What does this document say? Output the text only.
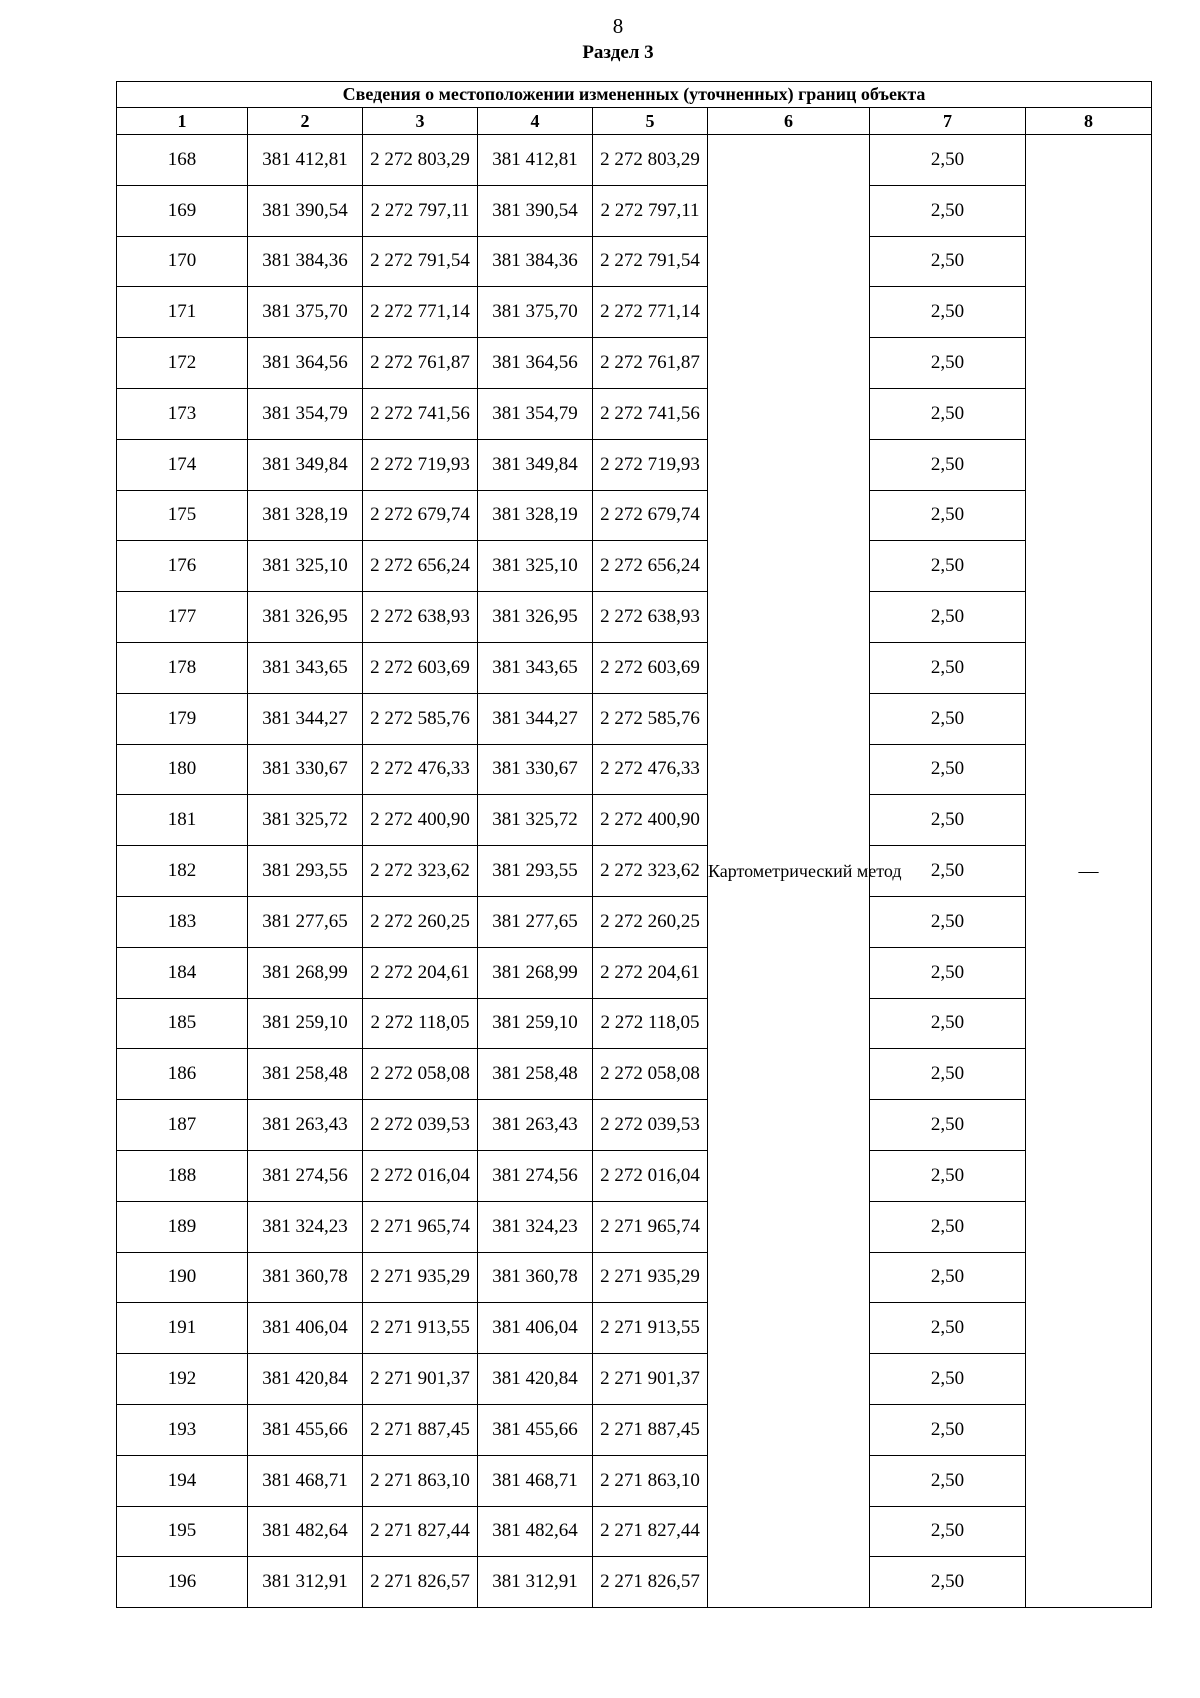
8
Раздел 3
Сведения о местоположении измененных (уточненных) границ объекта							
1	2	3	4	5	6	7	8
168	381 412,81	2 272 803,29	381 412,81	2 272 803,29	Картометрический метод	2,50	—
169	381 390,54	2 272 797,11	381 390,54	2 272 797,11		2,50	
170	381 384,36	2 272 791,54	381 384,36	2 272 791,54		2,50	
171	381 375,70	2 272 771,14	381 375,70	2 272 771,14		2,50	
172	381 364,56	2 272 761,87	381 364,56	2 272 761,87		2,50	
173	381 354,79	2 272 741,56	381 354,79	2 272 741,56		2,50	
174	381 349,84	2 272 719,93	381 349,84	2 272 719,93		2,50	
175	381 328,19	2 272 679,74	381 328,19	2 272 679,74		2,50	
176	381 325,10	2 272 656,24	381 325,10	2 272 656,24		2,50	
177	381 326,95	2 272 638,93	381 326,95	2 272 638,93		2,50	
178	381 343,65	2 272 603,69	381 343,65	2 272 603,69		2,50	
179	381 344,27	2 272 585,76	381 344,27	2 272 585,76		2,50	
180	381 330,67	2 272 476,33	381 330,67	2 272 476,33		2,50	
181	381 325,72	2 272 400,90	381 325,72	2 272 400,90		2,50	
182	381 293,55	2 272 323,62	381 293,55	2 272 323,62		2,50	
183	381 277,65	2 272 260,25	381 277,65	2 272 260,25		2,50	
184	381 268,99	2 272 204,61	381 268,99	2 272 204,61		2,50	
185	381 259,10	2 272 118,05	381 259,10	2 272 118,05		2,50	
186	381 258,48	2 272 058,08	381 258,48	2 272 058,08		2,50	
187	381 263,43	2 272 039,53	381 263,43	2 272 039,53		2,50	
188	381 274,56	2 272 016,04	381 274,56	2 272 016,04		2,50	
189	381 324,23	2 271 965,74	381 324,23	2 271 965,74		2,50	
190	381 360,78	2 271 935,29	381 360,78	2 271 935,29		2,50	
191	381 406,04	2 271 913,55	381 406,04	2 271 913,55		2,50	
192	381 420,84	2 271 901,37	381 420,84	2 271 901,37		2,50	
193	381 455,66	2 271 887,45	381 455,66	2 271 887,45		2,50	
194	381 468,71	2 271 863,10	381 468,71	2 271 863,10		2,50	
195	381 482,64	2 271 827,44	381 482,64	2 271 827,44		2,50	
196	381 312,91	2 271 826,57	381 312,91	2 271 826,57		2,50	
